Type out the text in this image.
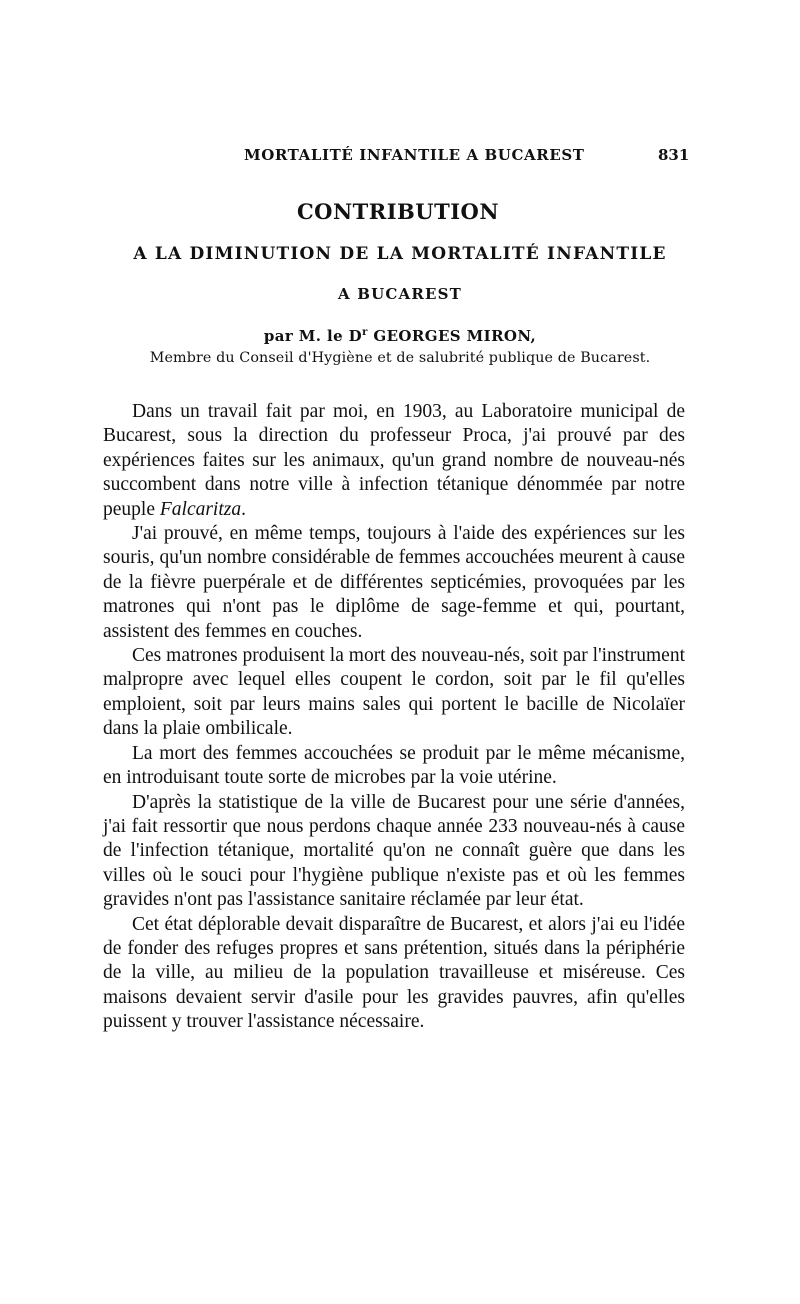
MORTALITÉ INFANTILE A BUCAREST	831
CONTRIBUTION
A LA DIMINUTION DE LA MORTALITÉ INFANTILE
A BUCAREST
par M. le $D^r$ GEORGES MIRON,
Membre du Conseil d'Hygiène et de salubrité publique de Bucarest.

Dans un travail fait par moi, en 1903, au Laboratoire municipal de Bucarest, sous la direction du professeur Proca, j'ai prouvé par des expériences faites sur les animaux, qu'un grand nombre de nouveau-nés succombent dans notre ville à infection tétanique dénommée par notre peuple Falcaritza.

J'ai prouvé, en même temps, toujours à l'aide des expériences sur les souris, qu'un nombre considérable de femmes accouchées meurent à cause de la fièvre puerpérale et de différentes septicémies, provoquées par les matrones qui n'ont pas le diplôme de sage-femme et qui, pourtant, assistent des femmes en couches.

Ces matrones produisent la mort des nouveau-nés, soit par l'instrument malpropre avec lequel elles coupent le cordon, soit par le fil qu'elles emploient, soit par leurs mains sales qui portent le bacille de Nicolaïer dans la plaie ombilicale.

La mort des femmes accouchées se produit par le même mécanisme, en introduisant toute sorte de microbes par la voie utérine.

D'après la statistique de la ville de Bucarest pour une série d'années, j'ai fait ressortir que nous perdons chaque année 233 nouveau-nés à cause de l'infection tétanique, mortalité qu'on ne connaît guère que dans les villes où le souci pour l'hygiène publique n'existe pas et où les femmes gravides n'ont pas l'assistance sanitaire réclamée par leur état.

Cet état déplorable devait disparaître de Bucarest, et alors j'ai eu l'idée de fonder des refuges propres et sans prétention, situés dans la périphérie de la ville, au milieu de la population travailleuse et miséreuse. Ces maisons devaient servir d'asile pour les gravides pauvres, afin qu'elles puissent y trouver l'assistance nécessaire.
